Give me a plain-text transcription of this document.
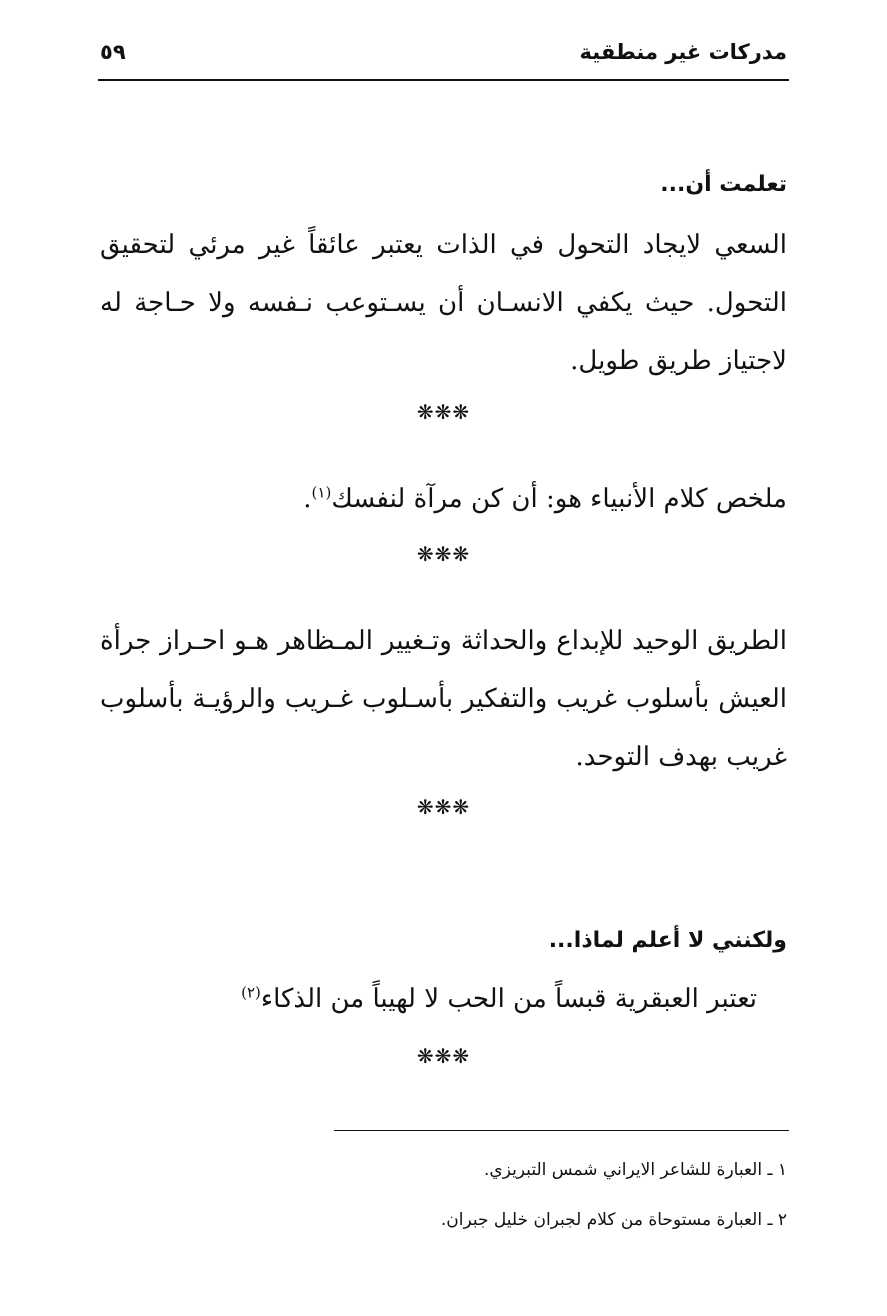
مدركات غير منطقية
٥٩
تعلمت أن...

السعي لايجاد التحول في الذات يعتبر عائقاً غير مرئي لتحقيق التحول. حيث يكفي الانسـان أن يسـتوعب نـفسه ولا حـاجة له لاجتياز طريق طويل.

❋❋❋

ملخص كلام الأنبياء هو: أن كن مرآة لنفسك$^{(١)}$.

❋❋❋

الطريق الوحيد للإبداع والحداثة وتـغيير المـظاهر هـو احـراز جرأة العيش بأسلوب غريب والتفكير بأسـلوب غـريب والرؤيـة بأسلوب غريب بهدف التوحد.

❋❋❋
ولكنني لا أعلم لماذا...

تعتبر العبقرية قبساً من الحب لا لهيباً من الذكاء$^{(٢)}$

❋❋❋
١ ـ العبارة للشاعر الايراني شمس التبريزي.
٢ ـ العبارة مستوحاة من كلام لجبران خليل جبران.
